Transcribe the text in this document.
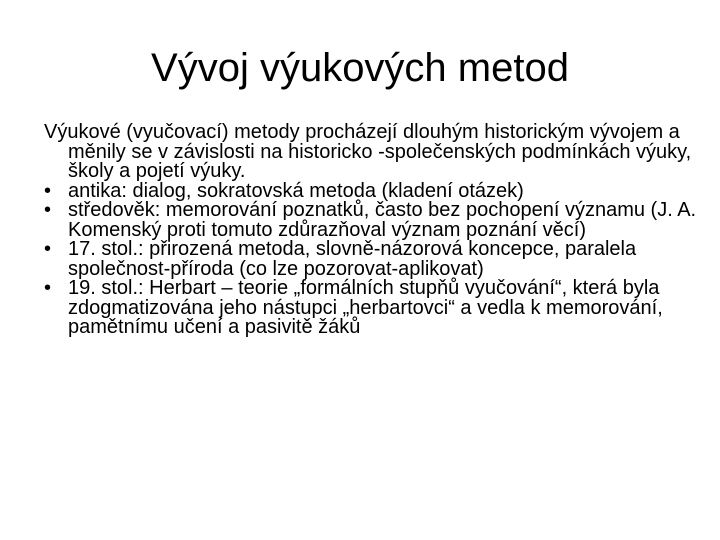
Vývoj výukových metod

Výukové (vyučovací) metody procházejí dlouhým historickým vývojem a měnily se v závislosti na historicko -společenských podmínkách výuky, školy a pojetí výuky.

• antika: dialog, sokratovská metoda (kladení otázek)
• středověk: memorování poznatků, často bez pochopení významu (J. A. Komenský proti tomuto zdůrazňoval význam poznání věcí)
• 17. stol.: přirozená metoda, slovně-názorová koncepce, paralela společnost-příroda (co lze pozorovat-aplikovat)
• 19. stol.: Herbart – teorie „formálních stupňů vyučování“, která byla zdogmatizována jeho nástupci „herbartovci“ a vedla k memorování, pamětnímu učení a pasivitě žáků
